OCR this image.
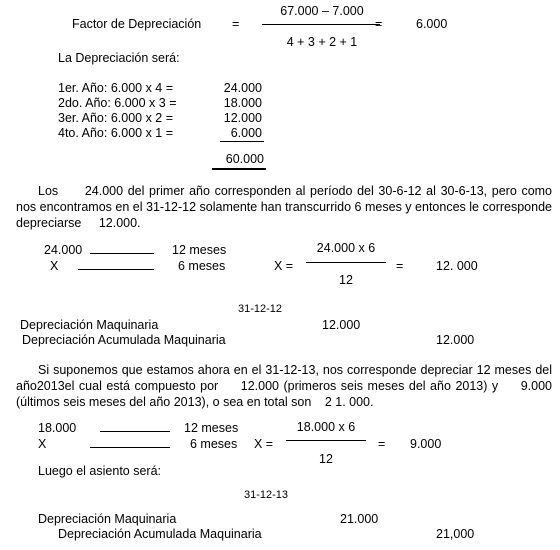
Factor de Depreciación =
67.000 – 7.000
4 + 3 + 2 + 1
=	6.000
La Depreciación será:
1er. Año: 6.000 x 4 =	24.000
2do. Año: 6.000 x 3 =	18.000
3er. Año: 6.000 x 2 =	12.000
4to. Año: 6.000 x 1 =	6.000
60.000
Los 24.000 del primer año corresponden al período del 30-6-12 al 30-6-13, pero como nos encontramos en el 31-12-12 solamente han transcurrido 6 meses y entonces le corresponde depreciarse 12.000.
24.000	12 meses
X	6 meses	X =
24.000 x 6
12
=	12. 000
31-12-12
Depreciación Maquinaria	12.000
Depreciación Acumulada Maquinaria	12.000
Si suponemos que estamos ahora en el 31-12-13, nos corresponde depreciar 12 meses del año2013el cual está compuesto por 12.000 (primeros seis meses del año 2013) y 9.000 (últimos seis meses del año 2013), o sea en total son 2 1. 000.
18.000	12 meses
X	6 meses X =
18.000 x 6
12
= 9.000
Luego el asiento será:
31-12-13
Depreciación Maquinaria	21.000
Depreciación Acumulada Maquinaria	21,000
